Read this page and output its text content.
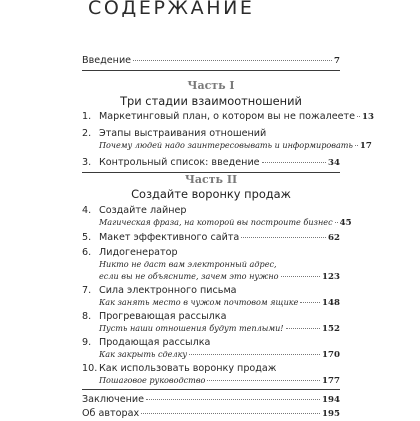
СОДЕРЖАНИЕ
Введение	7
Часть I
Три стадии взаимоотношений
1. Маркетинговый план, о котором вы не пожалеете 13
2. Этапы выстраивания отношений
Почему людей надо заинтересовывать и информировать 17
3. Контрольный список: введение	34
Часть II
Создайте воронку продаж
4. Создайте лайнер
Магическая фраза, на которой вы построите бизнес 45
5. Макет эффективного сайта	62
6. Лидогенератор
Никто не даст вам электронный адрес,
если вы не объясните, зачем это нужно	123
7. Сила электронного письма
Как занять место в чужом почтовом ящике	148
8. Прогревающая рассылка
Пусть наши отношения будут теплыми!	152
9. Продающая рассылка
Как закрыть сделку	170
10. Как использовать воронку продаж
Пошаговое руководство	177
Заключение	194
Об авторах	195
